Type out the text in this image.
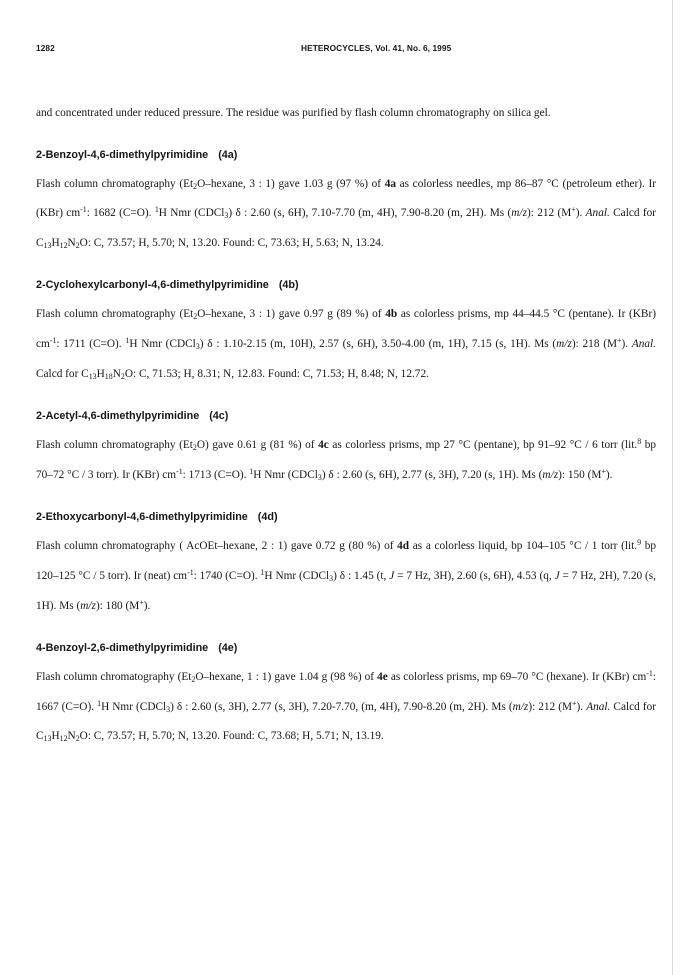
1282	HETEROCYCLES, Vol. 41, No. 6, 1995

and concentrated under reduced pressure. The residue was purified by flash column chromatography on silica gel.

2-Benzoyl-4,6-dimethylpyrimidine (4a)

Flash column chromatography ($Et_2O$–hexane, 3 : 1) gave 1.03 g (97 %) of 4a as colorless needles, mp 86–87 °C (petroleum ether). Ir (KBr) $cm^{-1}$: 1682 (C=O). $^1$H Nmr (CDCl$_3$) δ : 2.60 (s, 6H), 7.10-7.70 (m, 4H), 7.90-8.20 (m, 2H). Ms (m/z): 212 (M+). Anal. Calcd for $C_{13}H_{12}N_2O$: C, 73.57; H, 5.70; N, 13.20. Found: C, 73.63; H, 5.63; N, 13.24.

2-Cyclohexylcarbonyl-4,6-dimethylpyrimidine (4b)

Flash column chromatography ($Et_2O$–hexane, 3 : 1) gave 0.97 g (89 %) of 4b as colorless prisms, mp 44–44.5 °C (pentane). Ir (KBr) $cm^{-1}$: 1711 (C=O). $^1$H Nmr (CDCl$_3$) δ : 1.10-2.15 (m, 10H), 2.57 (s, 6H), 3.50-4.00 (m, 1H), 7.15 (s, 1H). Ms (m/z): 218 (M+). Anal. Calcd for $C_{13}H_{18}N_2O$: C, 71.53; H, 8.31; N, 12.83. Found: C, 71.53; H, 8.48; N, 12.72.

2-Acetyl-4,6-dimethylpyrimidine (4c)

Flash column chromatography $(Et_2O)$ gave 0.61 g (81 %) of 4c as colorless prisms, mp 27 °C (pentane), bp 91–92 °C / 6 torr (lit.$^8$ bp 70–72 °C / 3 torr). Ir (KBr) $cm^{-1}$: 1713 (C=O). $^1$H Nmr (CDCl$_3$) δ : 2.60 (s, 6H), 2.77 (s, 3H), 7.20 (s, 1H). Ms (m/z): 150 (M+).

2-Ethoxycarbonyl-4,6-dimethylpyrimidine (4d)

Flash column chromatography ( AcOEt–hexane, 2 : 1) gave 0.72 g (80 %) of 4d as a colorless liquid, bp 104–105 °C / 1 torr (lit.$^9$ bp 120–125 °C / 5 torr). Ir (neat) $cm^{-1}$: 1740 (C=O). $^1$H Nmr (CDCl$_3$) δ : 1.45 (t, J = 7 Hz, 3H), 2.60 (s, 6H), 4.53 (q, J = 7 Hz, 2H), 7.20 (s, 1H). Ms (m/z): 180 (M+).

4-Benzoyl-2,6-dimethylpyrimidine (4e)

Flash column chromatography ($Et_2O$–hexane, 1 : 1) gave 1.04 g (98 %) of 4e as colorless prisms, mp 69–70 °C (hexane). Ir (KBr) $cm^{-1}$: 1667 (C=O). $^1$H Nmr (CDCl$_3$) δ : 2.60 (s, 3H), 2.77 (s, 3H), 7.20-7.70, (m, 4H), 7.90-8.20 (m, 2H). Ms (m/z): 212 (M+). Anal. Calcd for $C_{13}H_{12}N_2O$: C, 73.57; H, 5.70; N, 13.20. Found: C, 73.68; H, 5.71; N, 13.19.
